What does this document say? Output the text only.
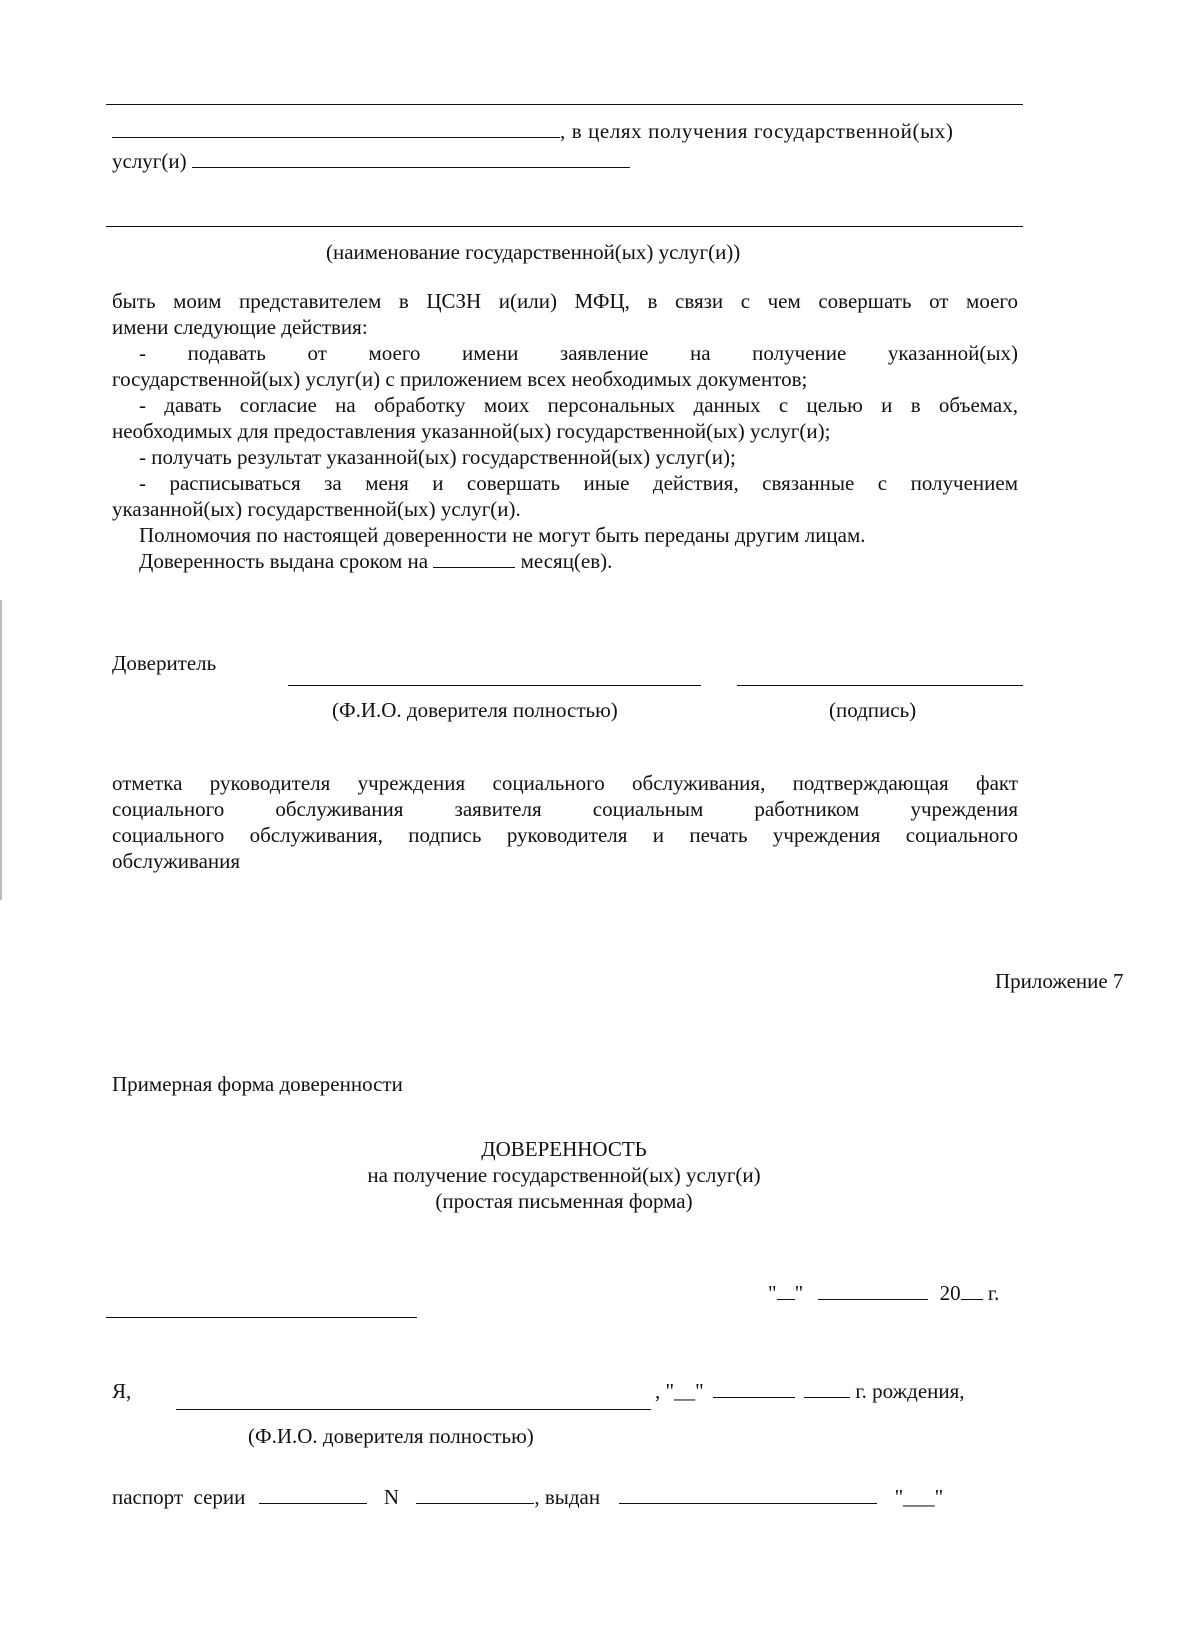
, в целях получения государственной(ых)
услуг(и)
(наименование государственной(ых) услуг(и))
быть моим представителем в ЦСЗН и(или) МФЦ, в связи с чем совершать от моего
имени следующие действия:
- подавать от моего имени заявление на получение указанной(ых)
государственной(ых) услуг(и) с приложением всех необходимых документов;
- давать согласие на обработку моих персональных данных с целью и в объемах,
необходимых для предоставления указанной(ых) государственной(ых) услуг(и);
- получать результат указанной(ых) государственной(ых) услуг(и);
- расписываться за меня и совершать иные действия, связанные с получением
указанной(ых) государственной(ых) услуг(и).
Полномочия по настоящей доверенности не могут быть переданы другим лицам.
Доверенность выдана сроком на	месяц(ев).
Доверитель
(Ф.И.О. доверителя полностью)	(подпись)
отметка руководителя учреждения социального обслуживания, подтверждающая факт
социального обслуживания заявителя социальным работником учреждения
социального обслуживания, подпись руководителя и печать учреждения социального
обслуживания
Приложение 7
Примерная форма доверенности
ДОВЕРЕННОСТЬ
на получение государственной(ых) услуг(и)
(простая письменная форма)
" "	20 г.
Я,	, "__"	г. рождения,
(Ф.И.О. доверителя полностью)
паспорт  серии	N	, выдан	"___"
